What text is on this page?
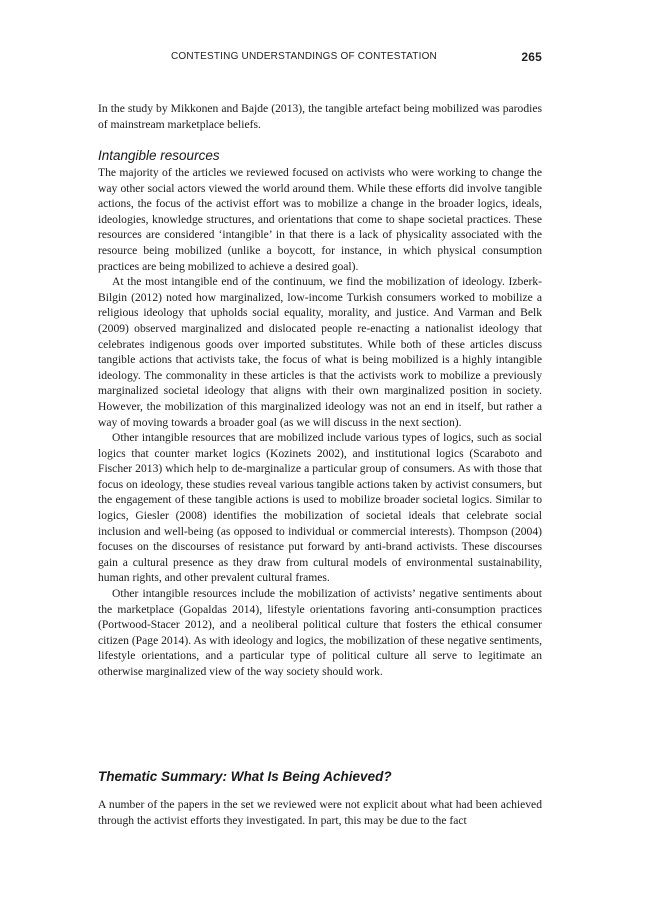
CONTESTING UNDERSTANDINGS OF CONTESTATION	265

In the study by Mikkonen and Bajde (2013), the tangible artefact being mobilized was parodies of mainstream marketplace beliefs.

Intangible resources

The majority of the articles we reviewed focused on activists who were working to change the way other social actors viewed the world around them. While these efforts did involve tangible actions, the focus of the activist effort was to mobilize a change in the broader logics, ideals, ideologies, knowledge structures, and orientations that come to shape societal practices. These resources are considered ‘intangible’ in that there is a lack of physicality associated with the resource being mobilized (unlike a boycott, for instance, in which physical consumption practices are being mobilized to achieve a desired goal).

At the most intangible end of the continuum, we find the mobilization of ideology. Izberk-Bilgin (2012) noted how marginalized, low-income Turkish consumers worked to mobilize a religious ideology that upholds social equality, morality, and justice. And Varman and Belk (2009) observed marginalized and dislocated people re-enacting a nationalist ideology that celebrates indigenous goods over imported substitutes. While both of these articles discuss tangible actions that activists take, the focus of what is being mobilized is a highly intangible ideology. The commonality in these articles is that the activists work to mobilize a previously marginalized societal ideology that aligns with their own marginalized position in society. However, the mobilization of this marginalized ideology was not an end in itself, but rather a way of moving towards a broader goal (as we will discuss in the next section).

Other intangible resources that are mobilized include various types of logics, such as social logics that counter market logics (Kozinets 2002), and institutional logics (Scaraboto and Fischer 2013) which help to de-marginalize a particular group of consumers. As with those that focus on ideology, these studies reveal various tangible actions taken by activist consumers, but the engagement of these tangible actions is used to mobilize broader societal logics. Similar to logics, Giesler (2008) identifies the mobilization of societal ideals that celebrate social inclusion and well-being (as opposed to individual or commercial interests). Thompson (2004) focuses on the discourses of resistance put forward by anti-brand activists. These discourses gain a cultural presence as they draw from cultural models of environmental sustainability, human rights, and other prevalent cultural frames.

Other intangible resources include the mobilization of activists’ negative sentiments about the marketplace (Gopaldas 2014), lifestyle orientations favoring anti-consumption practices (Portwood-Stacer 2012), and a neoliberal political culture that fosters the ethical consumer citizen (Page 2014). As with ideology and logics, the mobilization of these negative sentiments, lifestyle orientations, and a particular type of political culture all serve to legitimate an otherwise marginalized view of the way society should work.

Thematic Summary: What Is Being Achieved?

A number of the papers in the set we reviewed were not explicit about what had been achieved through the activist efforts they investigated. In part, this may be due to the fact
